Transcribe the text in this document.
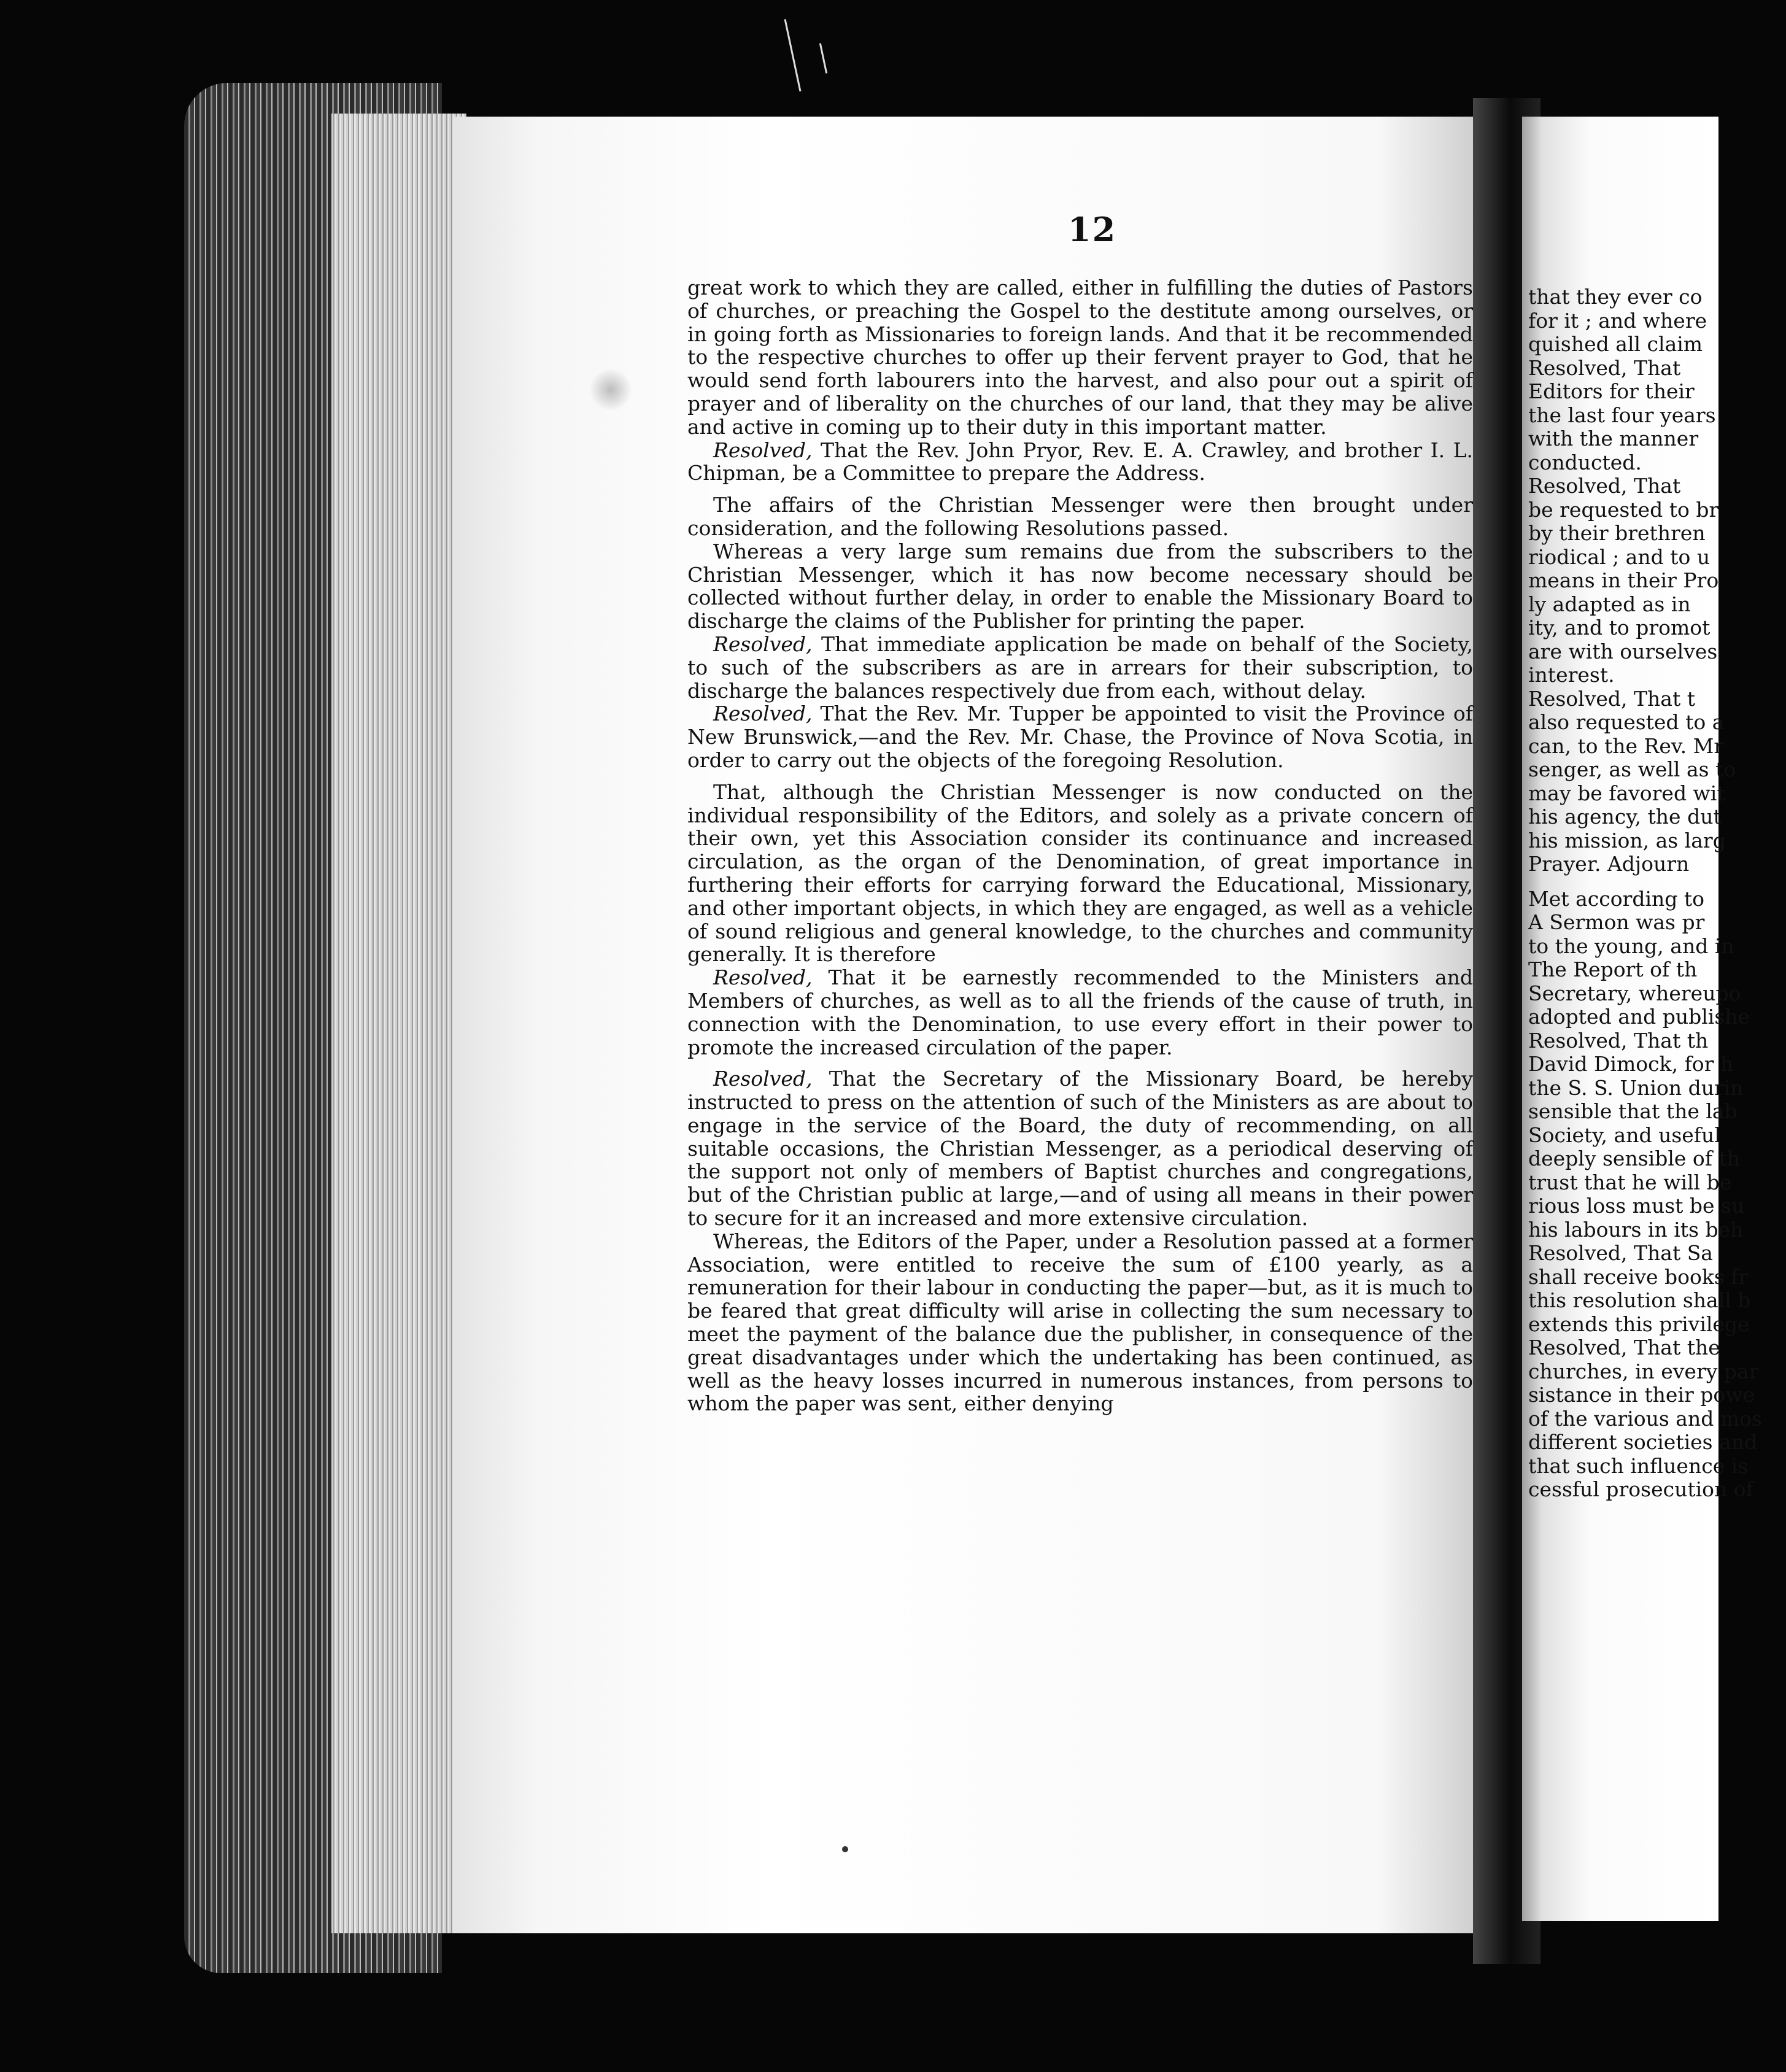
12

great work to which they are called, either in fulfilling the duties of Pastors of churches, or preaching the Gospel to the destitute among ourselves, or in going forth as Missionaries to foreign lands. And that it be recommended to the respective churches to offer up their fervent prayer to God, that he would send forth labourers into the harvest, and also pour out a spirit of prayer and of liberality on the churches of our land, that they may be alive and active in coming up to their duty in this important matter.

Resolved, That the Rev. John Pryor, Rev. E. A. Crawley, and brother I. L. Chipman, be a Committee to prepare the Address.

The affairs of the Christian Messenger were then brought under consideration, and the following Resolutions passed.

Whereas a very large sum remains due from the subscribers to the Christian Messenger, which it has now become necessary should be collected without further delay, in order to enable the Missionary Board to discharge the claims of the Publisher for printing the paper.

Resolved, That immediate application be made on behalf of the Society, to such of the subscribers as are in arrears for their subscription, to discharge the balances respectively due from each, without delay.

Resolved, That the Rev. Mr. Tupper be appointed to visit the Province of New Brunswick,—and the Rev. Mr. Chase, the Province of Nova Scotia, in order to carry out the objects of the foregoing Resolution.

That, although the Christian Messenger is now conducted on the individual responsibility of the Editors, and solely as a private concern of their own, yet this Association consider its continuance and increased circulation, as the organ of the Denomination, of great importance in furthering their efforts for carrying forward the Educational, Missionary, and other important objects, in which they are engaged, as well as a vehicle of sound religious and general knowledge, to the churches and community generally. It is therefore

Resolved, That it be earnestly recommended to the Ministers and Members of churches, as well as to all the friends of the cause of truth, in connection with the Denomination, to use every effort in their power to promote the increased circulation of the paper.

Resolved, That the Secretary of the Missionary Board, be hereby instructed to press on the attention of such of the Ministers as are about to engage in the service of the Board, the duty of recommending, on all suitable occasions, the Christian Messenger, as a periodical deserving of the support not only of members of Baptist churches and congregations, but of the Christian public at large,—and of using all means in their power to secure for it an increased and more extensive circulation.

Whereas, the Editors of the Paper, under a Resolution passed at a former Association, were entitled to receive the sum of £100 yearly, as a remuneration for their labour in conducting the paper—but, as it is much to be feared that great difficulty will arise in collecting the sum necessary to meet the payment of the balance due the publisher, in consequence of the great disadvantages under which the undertaking has been continued, as well as the heavy losses incurred in numerous instances, from persons to whom the paper was sent, either denying

that they ever co
for it ; and where
quished all claim
Resolved, That
Editors for their
the last four years
with the manner
conducted.
Resolved, That
be requested to br
by their brethren
riodical ; and to u
means in their Pro
ly adapted as in
ity, and to promot
are with ourselves
interest.
Resolved, That t
also requested to a
can, to the Rev. Mr
senger, as well as to
may be favored wit
his agency, the dut
his mission, as larg
Prayer. Adjourn
Met according to
A Sermon was pr
to the young, and in
The Report of th
Secretary, whereupo
adopted and publishe
Resolved, That th
David Dimock, for h
the S. S. Union durin
sensible that the lab
Society, and useful
deeply sensible of th
trust that he will be
rious loss must be su
his labours in its beh
Resolved, That Sa
shall receive books fr
this resolution shall b
extends this privilege
Resolved, That the
churches, in every par
sistance in their powe
of the various and mos
different societies and
that such influence is
cessful prosecution of
